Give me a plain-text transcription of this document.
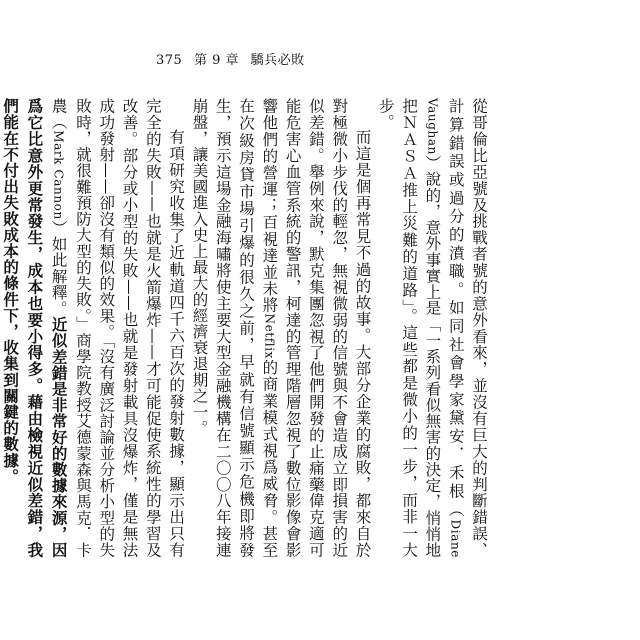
375 第 9 章 驕兵必敗

從哥倫比亞號及挑戰者號的意外看來，並沒有巨大的判斷錯誤、計算錯誤或過分的濆職。如同社會學家黛安．禾根（Diane Vaughan）說的，意外事實上是「一系列看似無害的決定，悄悄地把ＮＡＳＡ推上災難的道路」。這些都是微小的一步，而非一大步。

而這是個再常見不過的故事。大部分企業的腐敗，都來自於對極微小步伐的輕忽，無視微弱的信號與不會造成立即損害的近似差錯。舉例來說，默克集團忽視了他們開發的止痛藥偉克適可能危害心血管系統的警訊，柯達的管理階層忽視了數位影像會影響他們的營運；百視達並未將Netflix的商業模式視爲威脅。甚至在次級房貸市場引爆的很久之前，早就有信號顯示危機即將發生，預示這場金融海嘯將使主要大型金融機構在二〇〇八年接連崩盤，讓美國進入史上最大的經濟衰退期之一。

有項研究收集了近軌道四千六百次的發射數據，顯示出只有完全的失敗——也就是火箭爆炸——才可能促使系統性的學習及改善。部分或小型的失敗——也就是發射載具沒爆炸，僅是無法成功發射——卻沒有類似的效果。「沒有廣泛討論並分析小型的失敗時，就很難預防大型的失敗。」商學院教授艾德蒙森與馬克．卡農（Mark Cannon）如此解釋。近似差錯是非常好的數據來源，因爲它比意外更常發生，成本也要小得多。藉由檢視近似差錯，我們能在不付出失敗成本的條件下，收集到關鍵的數據。
